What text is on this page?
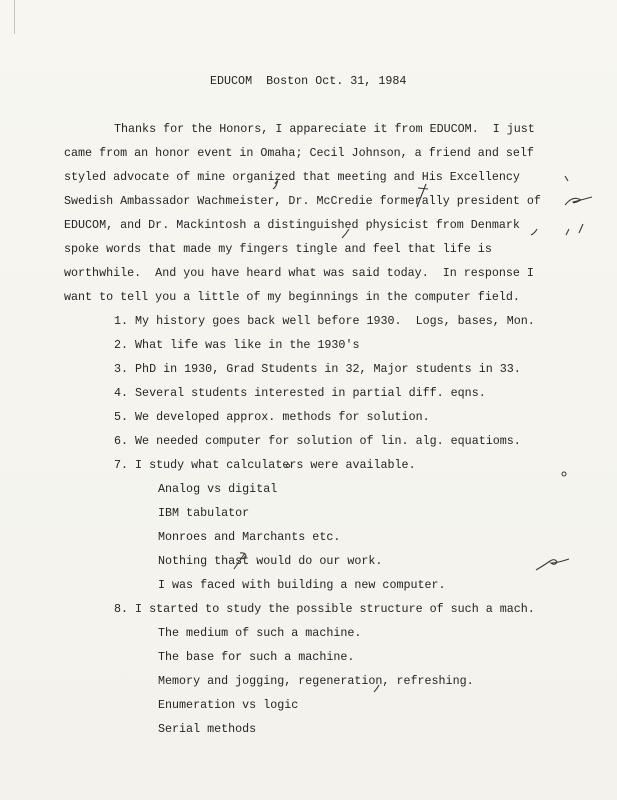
EDUCOM  Boston Oct. 31, 1984
Thanks for the Honors, I appareciate it from EDUCOM.  I just
came from an honor event in Omaha; Cecil Johnson, a friend and self
styled advocate of mine organized that meeting and His Excellency
Swedish Ambassador Wachmeister, Dr. McCredie formerally president of
EDUCOM, and Dr. Mackintosh a distinguished physicist from Denmark
spoke words that made my fingers tingle and feel that life is
worthwhile.  And you have heard what was said today.  In response I
want to tell you a little of my beginnings in the computer field.
1. My history goes back well before 1930.  Logs, bases, Mon.
2. What life was like in the 1930's
3. PhD in 1930, Grad Students in 32, Major students in 33.
4. Several students interested in partial diff. eqns.
5. We developed approx. methods for solution.
6. We needed computer for solution of lin. alg. equatioms.
7. I study what calculaters were available.
Analog vs digital
IBM tabulator
Monroes and Marchants etc.
Nothing thast would do our work.
I was faced with building a new computer.
8. I started to study the possible structure of such a mach.
The medium of such a machine.
The base for such a machine.
Memory and jogging, regeneration, refreshing.
Enumeration vs logic
Serial methods
